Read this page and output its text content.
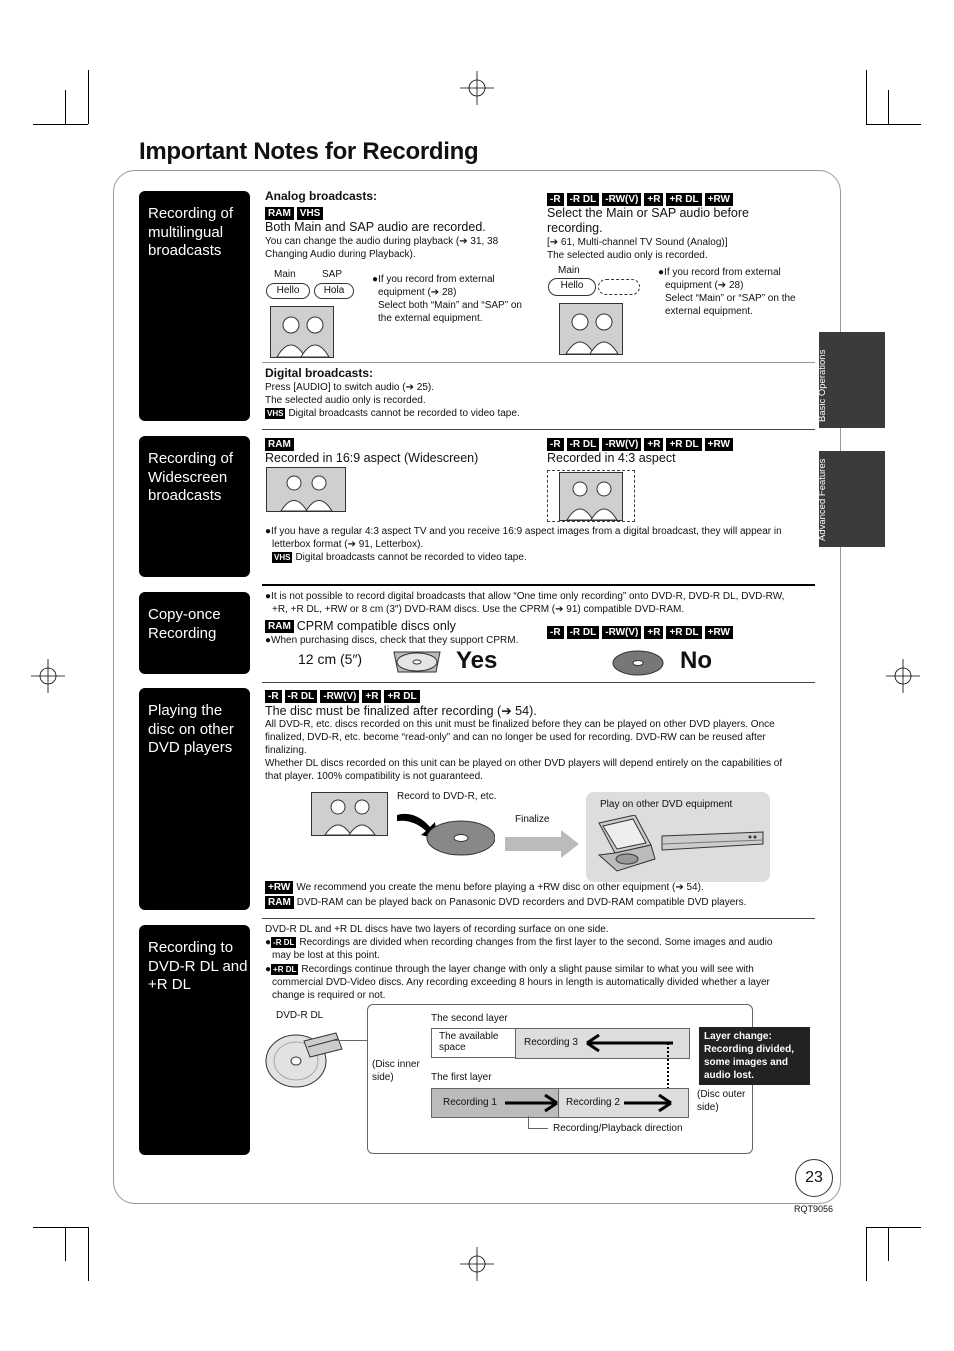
Important Notes for Recording
Basic Operations
Advanced Features
Recording of multilingual broadcasts
Analog broadcasts:
RAM VHS
Both Main and SAP audio are recorded.
You can change the audio during playback (➔ 31, 38
Changing Audio during Playback).
Main	SAP
Hello	Hola
●If you record from external
equipment (➔ 28)
Select both “Main” and “SAP” on
the external equipment.
-R -R DL -RW(V) +R +R DL +RW
Select the Main or SAP audio before
recording.
[➔ 61, Multi-channel TV Sound (Analog)]
The selected audio only is recorded.
Main
Hello
●If you record from external
equipment (➔ 28)
Select “Main” or “SAP” on the
external equipment.
Digital broadcasts:
Press [AUDIO] to switch audio (➔ 25).
The selected audio only is recorded.
VHS Digital broadcasts cannot be recorded to video tape.
Recording of Widescreen broadcasts
RAM
Recorded in 16:9 aspect (Widescreen)
-R -R DL -RW(V) +R +R DL +RW
Recorded in 4:3 aspect
●If you have a regular 4:3 aspect TV and you receive 16:9 aspect images from a digital broadcast, they will appear in
letterbox format (➔ 91, Letterbox).
VHS Digital broadcasts cannot be recorded to video tape.
Copy-once Recording
●It is not possible to record digital broadcasts that allow “One time only recording” onto DVD-R, DVD-R DL, DVD-RW,
+R, +R DL, +RW or 8 cm (3″) DVD-RAM discs. Use the CPRM (➔ 91) compatible DVD-RAM.
RAM CPRM compatible discs only
●When purchasing discs, check that they support CPRM.
-R -R DL -RW(V) +R +R DL +RW
12 cm (5″)	Yes	No
Playing the disc on other DVD players
-R -R DL -RW(V) +R +R DL
The disc must be finalized after recording (➔ 54).
All DVD-R, etc. discs recorded on this unit must be finalized before they can be played on other DVD players. Once
finalized, DVD-R, etc. become “read-only” and can no longer be used for recording. DVD-RW can be reused after
finalizing.
Whether DL discs recorded on this unit can be played on other DVD players will depend entirely on the capabilities of
that player. 100% compatibility is not guaranteed.
Record to DVD-R, etc.
Finalize
Play on other DVD equipment
+RW We recommend you create the menu before playing a +RW disc on other equipment (➔ 54).
RAM DVD-RAM can be played back on Panasonic DVD recorders and DVD-RAM compatible DVD players.
Recording to DVD-R DL and +R DL
DVD-R DL and +R DL discs have two layers of recording surface on one side.
● -R DL Recordings are divided when recording changes from the first layer to the second. Some images and audio
may be lost at this point.
● +R DL Recordings continue through the layer change with only a slight pause similar to what you will see with
commercial DVD-Video discs. Any recording exceeding 8 hours in length is automatically divided whether a layer
change is required or not.
DVD-R DL
(Disc inner side)
The second layer
The available space	Recording 3
The first layer
Recording 1	Recording 2
(Disc outer side)
Recording/Playback direction
Layer change: Recording divided, some images and audio lost.
23
RQT9056
